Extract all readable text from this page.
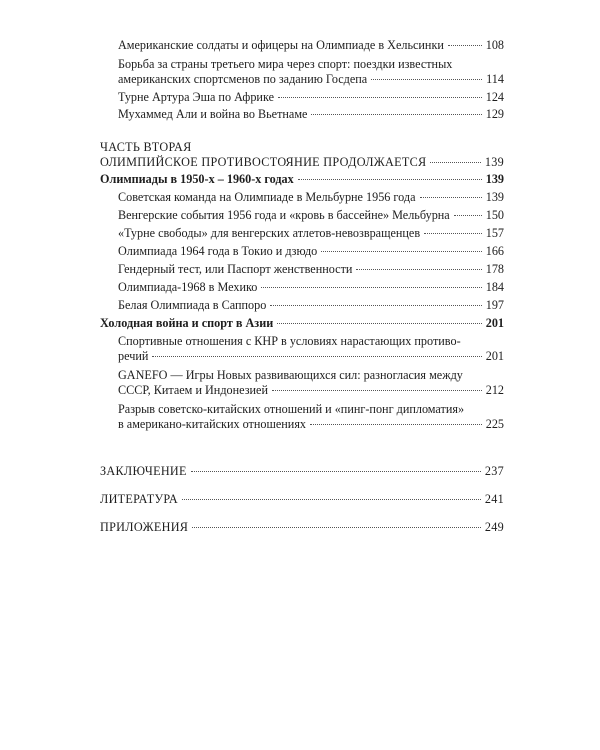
Американские солдаты и офицеры на Олимпиаде в Хельсинки	108
Борьба за страны третьего мира через спорт: поездки известных
американских спортсменов по заданию Госдепа	114
Турне Артура Эша по Африке	124
Мухаммед Али и война во Вьетнаме	129
ЧАСТЬ ВТОРАЯ
ОЛИМПИЙСКОЕ ПРОТИВОСТОЯНИЕ ПРОДОЛЖАЕТСЯ	139
Олимпиады в 1950-х – 1960-х годах	139
Советская команда на Олимпиаде в Мельбурне 1956 года	139
Венгерские события 1956 года и «кровь в бассейне» Мельбурна	150
«Турне свободы» для венгерских атлетов-невозвращенцев	157
Олимпиада 1964 года в Токио и дзюдо	166
Гендерный тест, или Паспорт женственности	178
Олимпиада-1968 в Мехико	184
Белая Олимпиада в Саппоро	197
Холодная война и спорт в Азии	201
Спортивные отношения с КНР в условиях нарастающих противо-
речий	201
GANEFO — Игры Новых развивающихся сил: разногласия между
СССР, Китаем и Индонезией	212
Разрыв советско-китайских отношений и «пинг-понг дипломатия»
в американо-китайских отношениях	225
ЗАКЛЮЧЕНИЕ	237
ЛИТЕРАТУРА	241
ПРИЛОЖЕНИЯ	249
